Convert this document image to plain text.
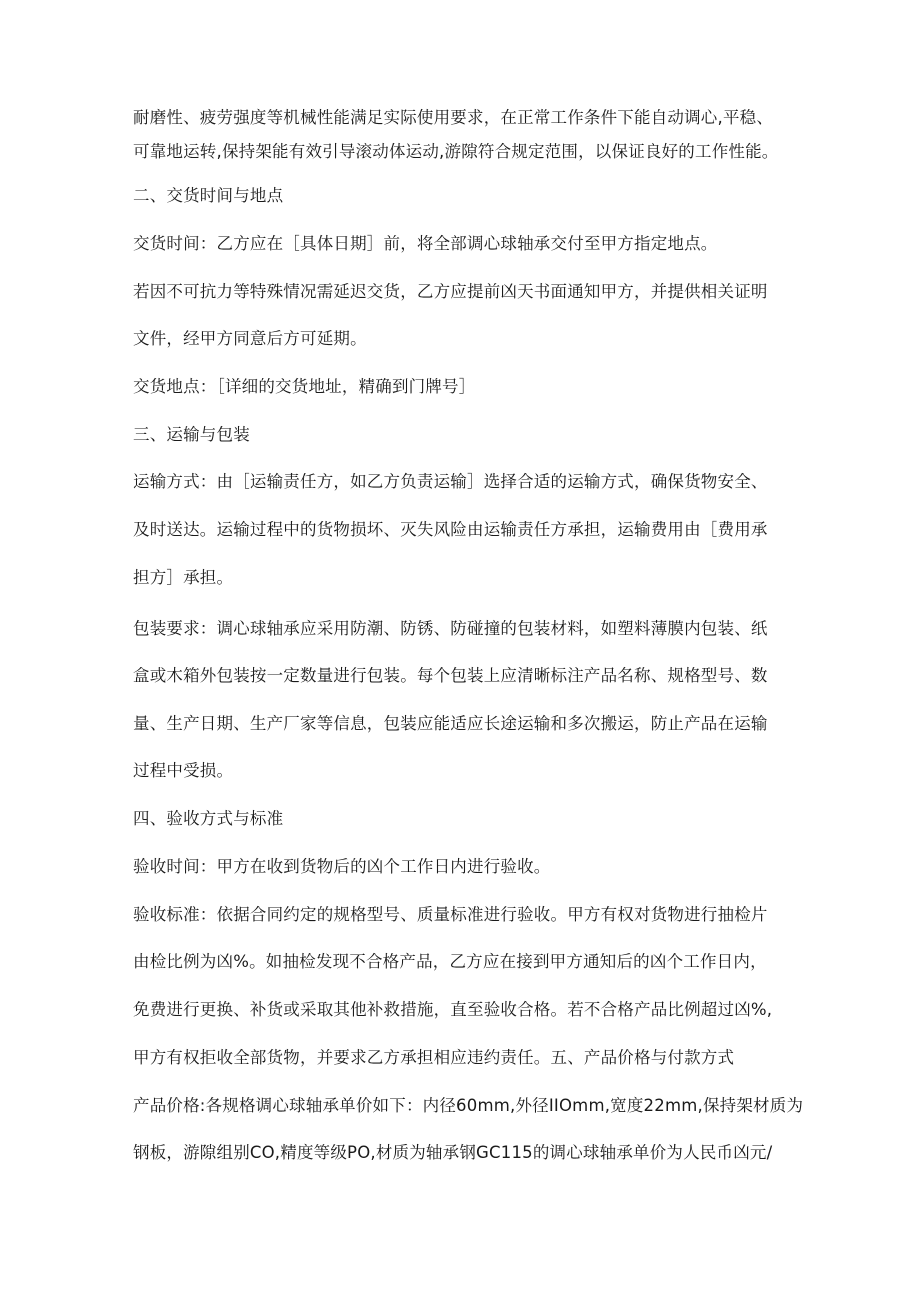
耐磨性、疲劳强度等机械性能满足实际使用要求，在正常工作条件下能自动调心,平稳、
可靠地运转,保持架能有效引导滚动体运动,游隙符合规定范围，以保证良好的工作性能。
二、交货时间与地点
交货时间：乙方应在［具体日期］前，将全部调心球轴承交付至甲方指定地点。
若因不可抗力等特殊情况需延迟交货，乙方应提前凶天书面通知甲方，并提供相关证明
文件，经甲方同意后方可延期。
交货地点：［详细的交货地址，精确到门牌号］
三、运输与包装
运输方式：由［运输责任方，如乙方负责运输］选择合适的运输方式，确保货物安全、
及时送达。运输过程中的货物损坏、灭失风险由运输责任方承担，运输费用由［费用承
担方］承担。
包装要求：调心球轴承应采用防潮、防锈、防碰撞的包装材料，如塑料薄膜内包装、纸
盒或木箱外包装按一定数量进行包装。每个包装上应清晰标注产品名称、规格型号、数
量、生产日期、生产厂家等信息，包装应能适应长途运输和多次搬运，防止产品在运输
过程中受损。
四、验收方式与标准
验收时间：甲方在收到货物后的凶个工作日内进行验收。
验收标准：依据合同约定的规格型号、质量标准进行验收。甲方有权对货物进行抽检片
由检比例为凶%。如抽检发现不合格产品，乙方应在接到甲方通知后的凶个工作日内，
免费进行更换、补货或采取其他补救措施，直至验收合格。若不合格产品比例超过凶%,
甲方有权拒收全部货物，并要求乙方承担相应违约责任。五、产品价格与付款方式
产品价格:各规格调心球轴承单价如下：内径60mm,外径IIOmm,宽度22mm,保持架材质为
钢板，游隙组别CO,精度等级PO,材质为轴承钢GC115的调心球轴承单价为人民币凶元/
